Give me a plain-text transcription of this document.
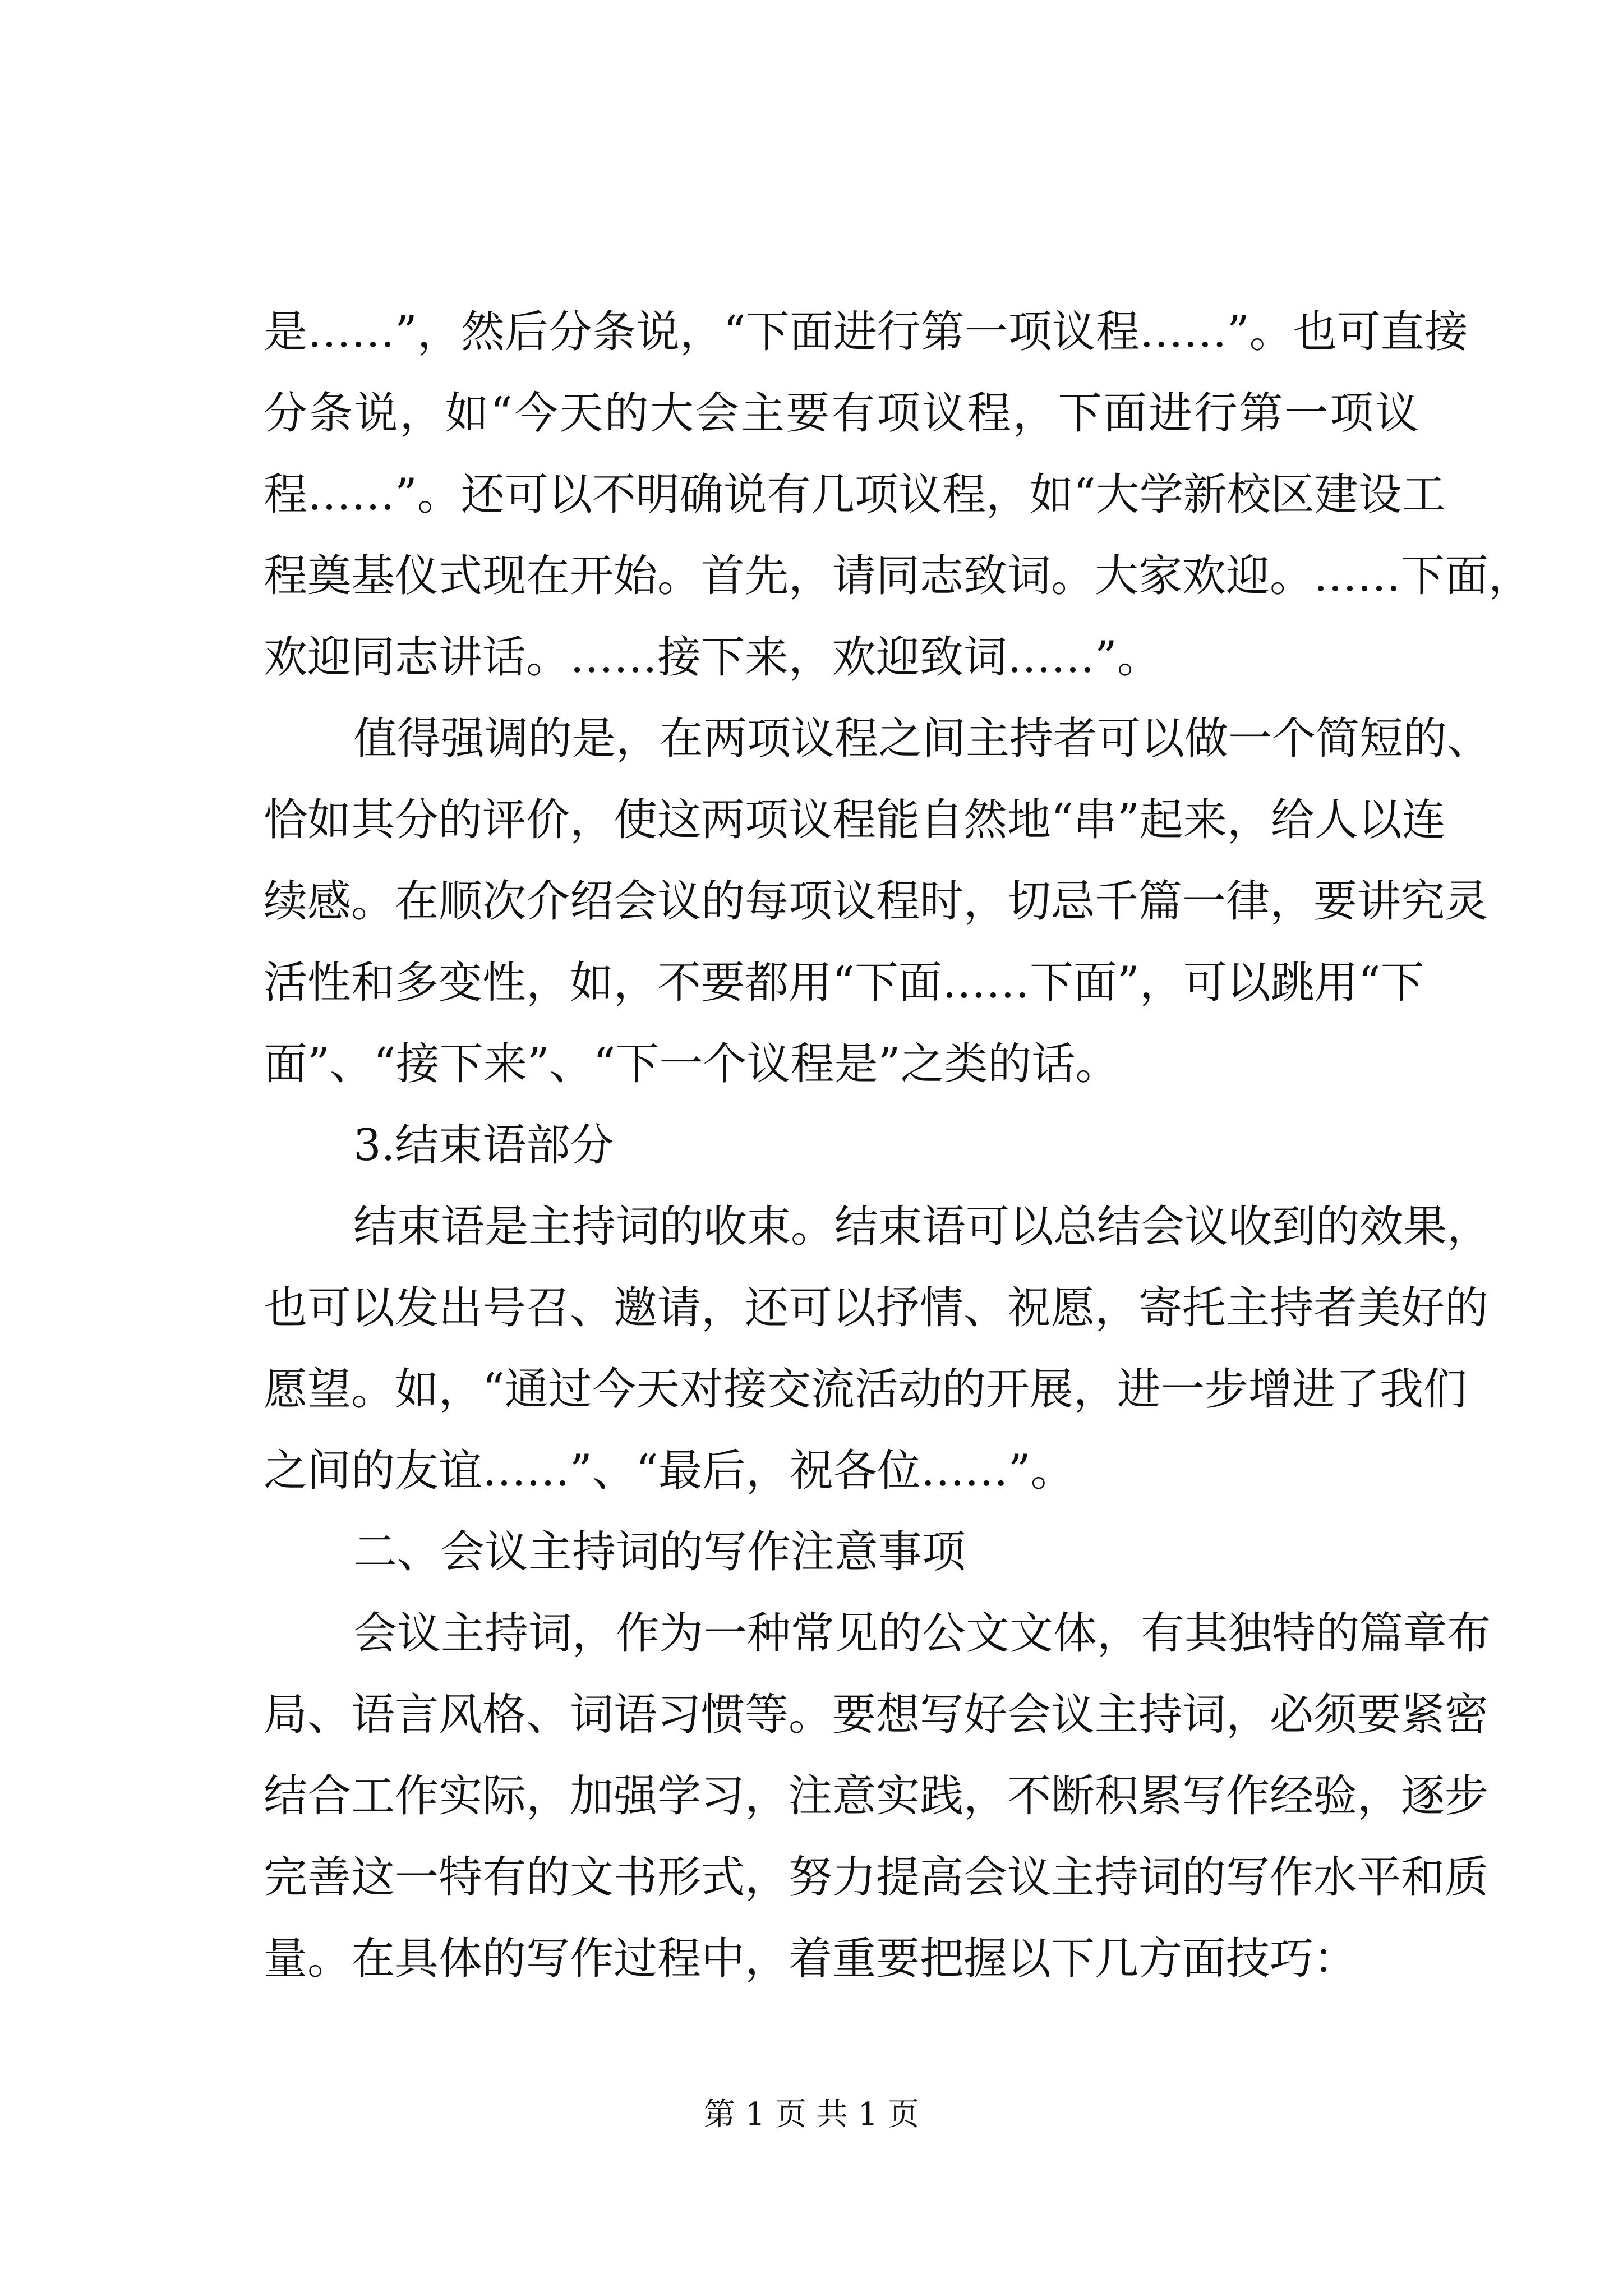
是……”，然后分条说，“下面进行第一项议程……”。也可直接
分条说，如“今天的大会主要有项议程，下面进行第一项议
程……”。还可以不明确说有几项议程，如“大学新校区建设工
程奠基仪式现在开始。首先，请同志致词。大家欢迎。……下面，
欢迎同志讲话。……接下来，欢迎致词……”。
值得强调的是，在两项议程之间主持者可以做一个简短的、
恰如其分的评价，使这两项议程能自然地“串”起来，给人以连
续感。在顺次介绍会议的每项议程时，切忌千篇一律，要讲究灵
活性和多变性，如，不要都用“下面……下面”，可以跳用“下
面”、“接下来”、“下一个议程是”之类的话。
3.结束语部分
结束语是主持词的收束。结束语可以总结会议收到的效果，
也可以发出号召、邀请，还可以抒情、祝愿，寄托主持者美好的
愿望。如，“通过今天对接交流活动的开展，进一步增进了我们
之间的友谊……”、“最后，祝各位……”。
二、会议主持词的写作注意事项
会议主持词，作为一种常见的公文文体，有其独特的篇章布
局、语言风格、词语习惯等。要想写好会议主持词，必须要紧密
结合工作实际，加强学习，注意实践，不断积累写作经验，逐步
完善这一特有的文书形式，努力提高会议主持词的写作水平和质
量。在具体的写作过程中，着重要把握以下几方面技巧：
第 1 页 共 1 页
